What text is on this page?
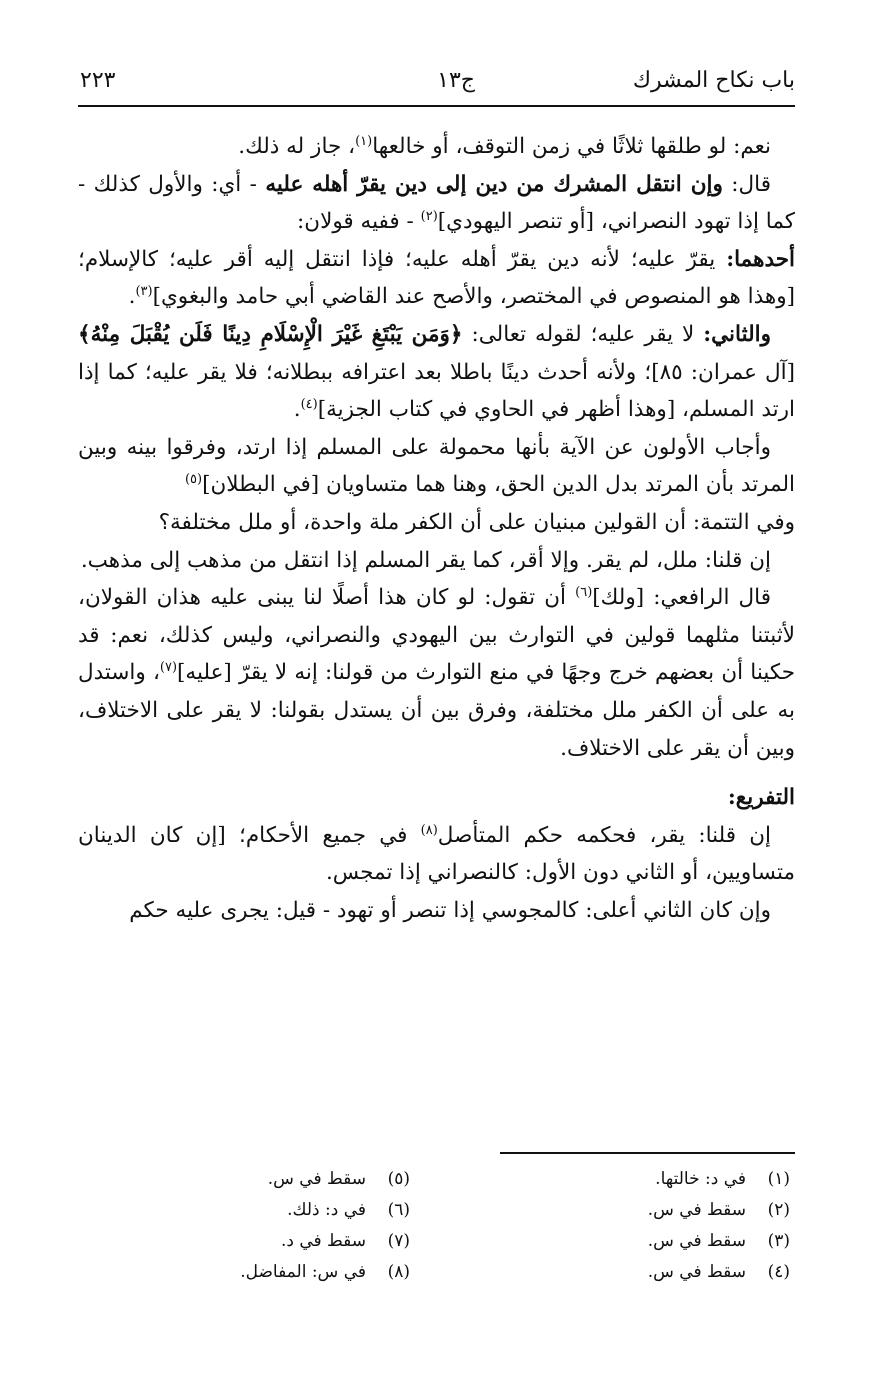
باب نكاح المشرك
ج١٣
٢٢٣

نعم: لو طلقها ثلاثًا في زمن التوقف، أو خالعها$^{(١)}$، جاز له ذلك.

قال: وإن انتقل المشرك من دين إلى دين يقرّ أهله عليه - أي: والأول كذلك - كما إذا تهود النصراني، [أو تنصر اليهودي]$^{(٢)}$ - ففيه قولان:

أحدهما: يقرّ عليه؛ لأنه دين يقرّ أهله عليه؛ فإذا انتقل إليه أقر عليه؛ كالإسلام؛ [وهذا هو المنصوص في المختصر، والأصح عند القاضي أبي حامد والبغوي]$^{(٣)}$.

والثاني: لا يقر عليه؛ لقوله تعالى: ﴿وَمَن يَبْتَغِ غَيْرَ الْإِسْلَامِ دِينًا فَلَن يُقْبَلَ مِنْهُ﴾ [آل عمران: ٨٥]؛ ولأنه أحدث دينًا باطلا بعد اعترافه ببطلانه؛ فلا يقر عليه؛ كما إذا ارتد المسلم، [وهذا أظهر في الحاوي في كتاب الجزية]$^{(٤)}$.

وأجاب الأولون عن الآية بأنها محمولة على المسلم إذا ارتد، وفرقوا بينه وبين المرتد بأن المرتد بدل الدين الحق، وهنا هما متساويان [في البطلان]$^{(٥)}$

وفي التتمة: أن القولين مبنيان على أن الكفر ملة واحدة، أو ملل مختلفة؟

إن قلنا: ملل، لم يقر. وإلا أقر، كما يقر المسلم إذا انتقل من مذهب إلى مذهب.

قال الرافعي: [ولك]$^{(٦)}$ أن تقول: لو كان هذا أصلًا لنا يبنى عليه هذان القولان، لأثبتنا مثلهما قولين في التوارث بين اليهودي والنصراني، وليس كذلك، نعم: قد حكينا أن بعضهم خرج وجهًا في منع التوارث من قولنا: إنه لا يقرّ [عليه]$^{(٧)}$، واستدل به على أن الكفر ملل مختلفة، وفرق بين أن يستدل بقولنا: لا يقر على الاختلاف، وبين أن يقر على الاختلاف.

التفريع:

إن قلنا: يقر، فحكمه حكم المتأصل$^{(٨)}$ في جميع الأحكام؛ [إن كان الدينان متساويين، أو الثاني دون الأول: كالنصراني إذا تمجس.

وإن كان الثاني أعلى: كالمجوسي إذا تنصر أو تهود - قيل: يجرى عليه حكم

(١)في د: خالتها.
(٢)سقط في س.
(٣)سقط في س.
(٤)سقط في س.
(٥)سقط في س.
(٦)في د: ذلك.
(٧)سقط في د.
(٨)في س: المفاضل.
